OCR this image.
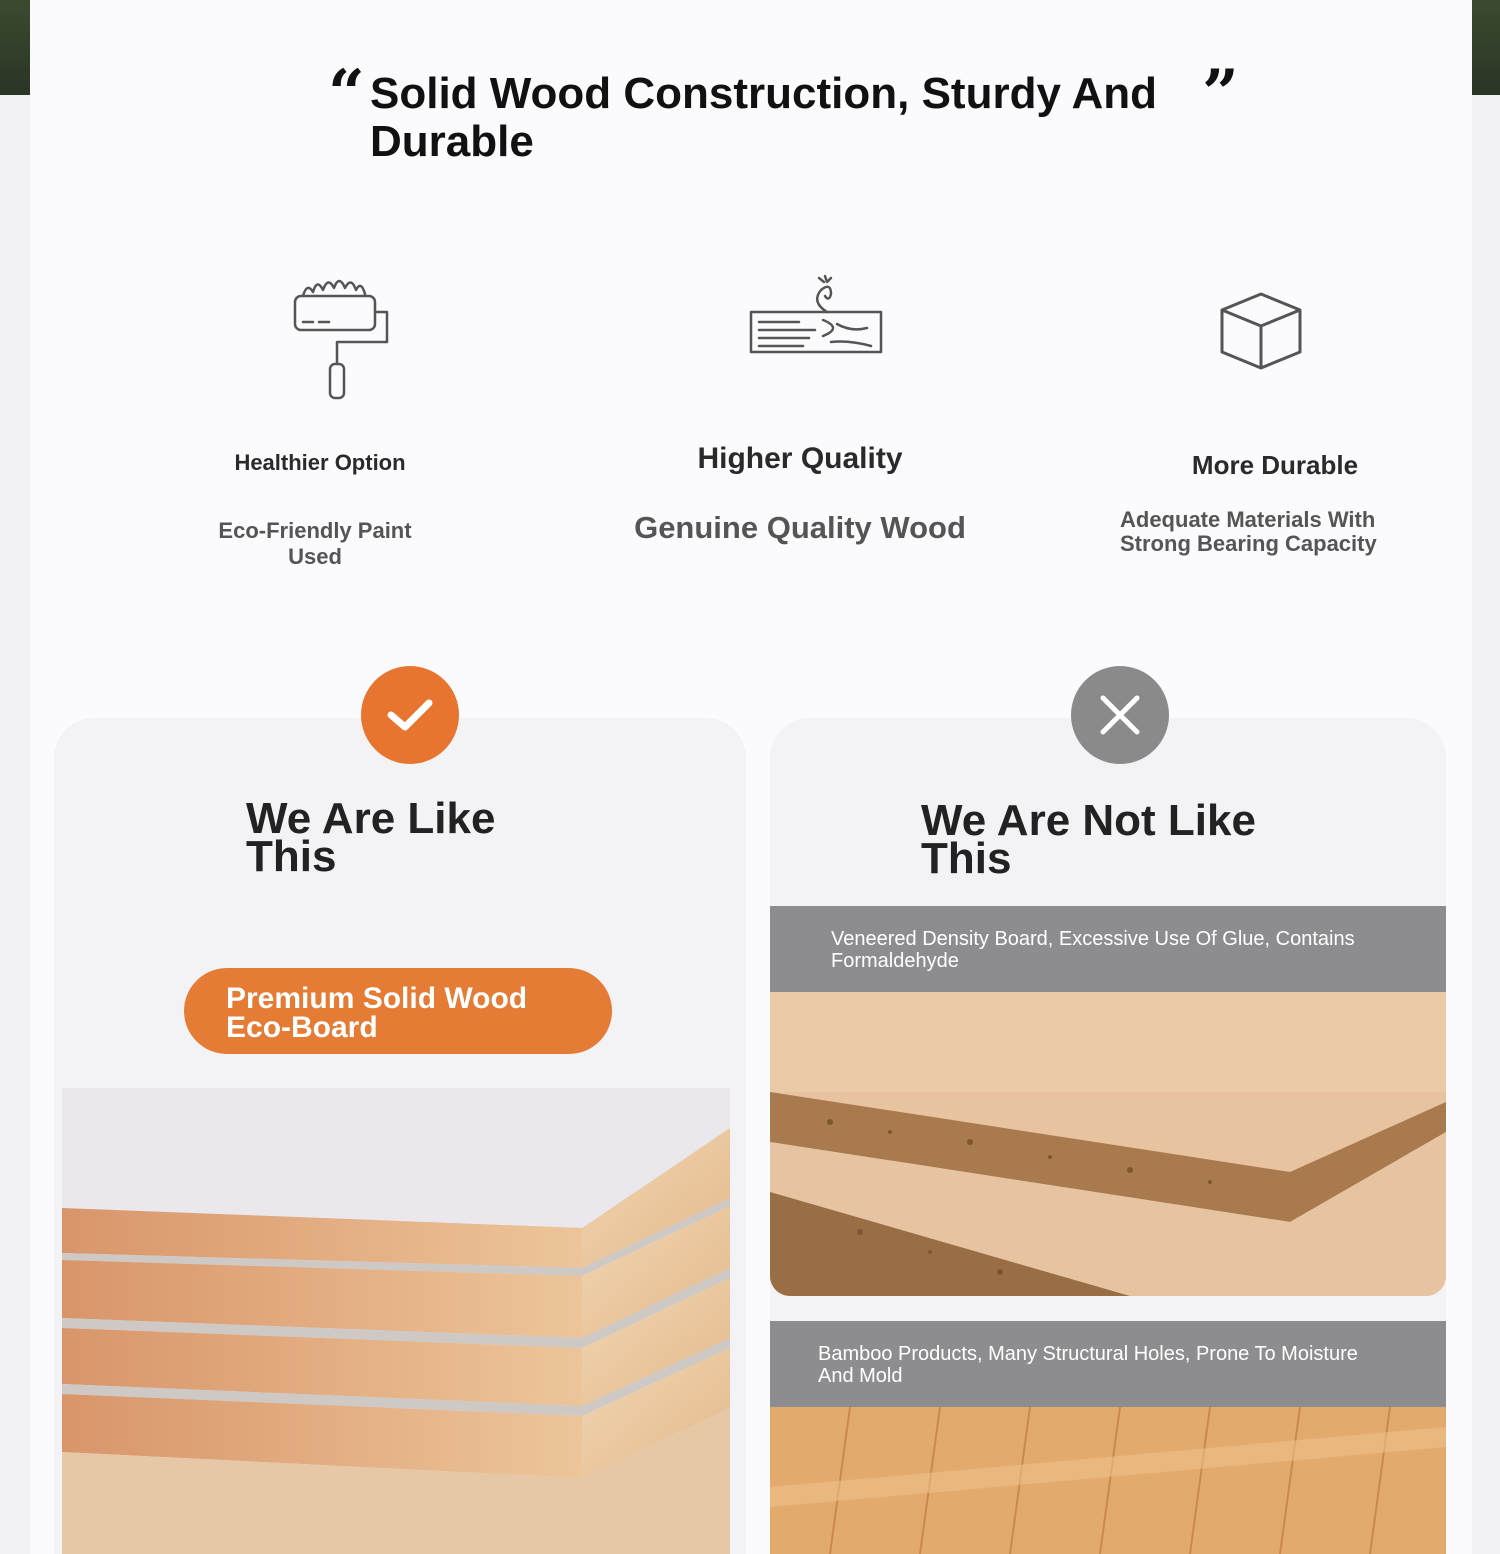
“ Solid Wood Construction, Sturdy And Durable
”
Healthier Option
Eco-Friendly Paint Used
Higher Quality
Genuine Quality Wood
More Durable
Adequate Materials With Strong Bearing Capacity
We Are Like This
Premium Solid Wood Eco-Board
We Are Not Like This
Veneered Density Board, Excessive Use Of Glue, Contains Formaldehyde
Bamboo Products, Many Structural Holes, Prone To Moisture And Mold
